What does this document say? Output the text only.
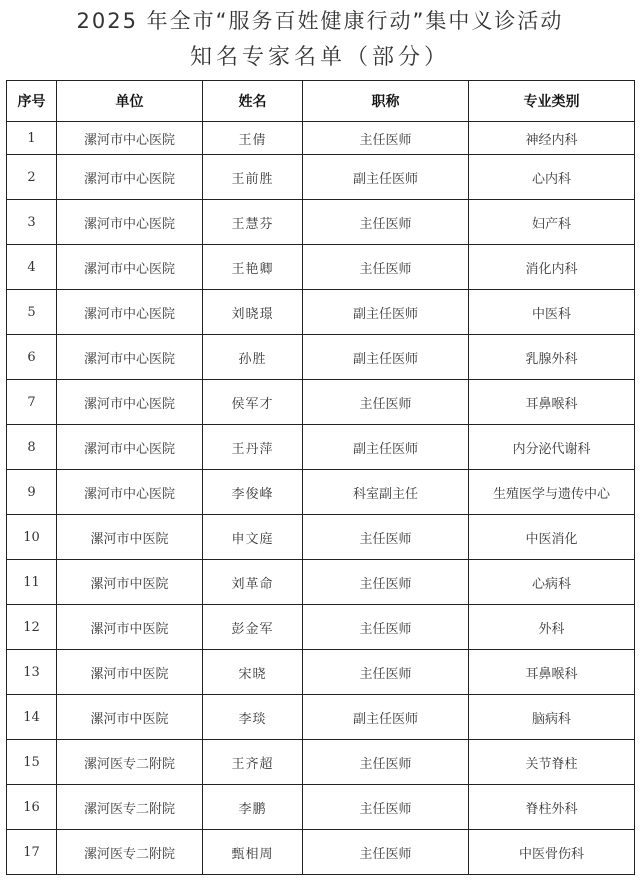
2025 年全市“服务百姓健康行动”集中义诊活动
知名专家名单（部分）
序号	单位	姓名	职称	专业类别
1	漯河市中心医院	王倩	主任医师	神经内科
2	漯河市中心医院	王前胜	副主任医师	心内科
3	漯河市中心医院	王慧芬	主任医师	妇产科
4	漯河市中心医院	王艳卿	主任医师	消化内科
5	漯河市中心医院	刘晓璟	副主任医师	中医科
6	漯河市中心医院	孙胜	副主任医师	乳腺外科
7	漯河市中心医院	侯军才	主任医师	耳鼻喉科
8	漯河市中心医院	王丹萍	副主任医师	内分泌代谢科
9	漯河市中心医院	李俊峰	科室副主任	生殖医学与遗传中心
10	漯河市中医院	申文庭	主任医师	中医消化
11	漯河市中医院	刘革命	主任医师	心病科
12	漯河市中医院	彭金军	主任医师	外科
13	漯河市中医院	宋晓	主任医师	耳鼻喉科
14	漯河市中医院	李琰	副主任医师	脑病科
15	漯河医专二附院	王齐超	主任医师	关节脊柱
16	漯河医专二附院	李鹏	主任医师	脊柱外科
17	漯河医专二附院	甄相周	主任医师	中医骨伤科
